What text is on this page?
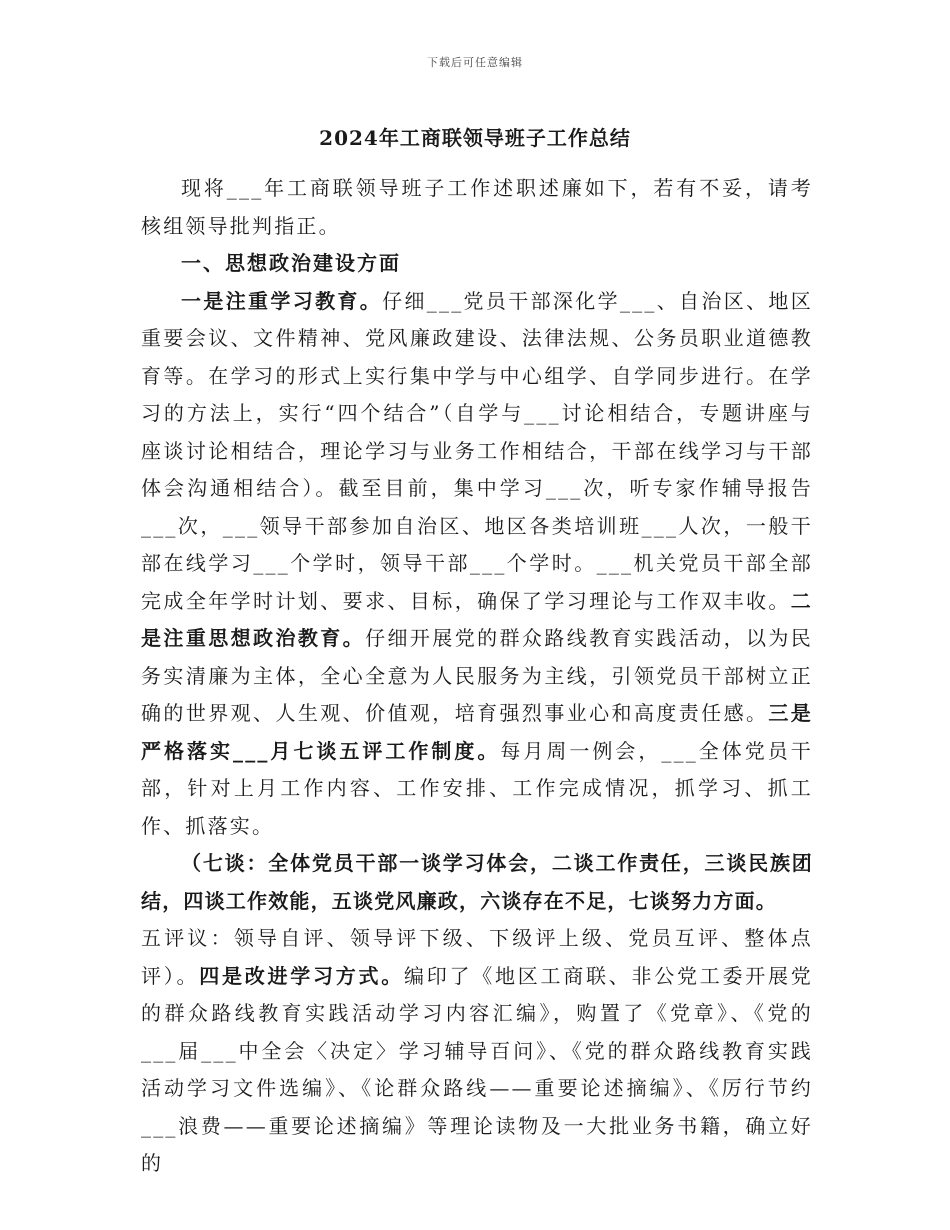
下载后可任意编辑
2024年工商联领导班子工作总结

现将___年工商联领导班子工作述职述廉如下，若有不妥，请考核组领导批判指正。

一、思想政治建设方面

一是注重学习教育。仔细___党员干部深化学___、自治区、地区重要会议、文件精神、党风廉政建设、法律法规、公务员职业道德教育等。在学习的形式上实行集中学与中心组学、自学同步进行。在学习的方法上，实行“四个结合”（自学与___讨论相结合，专题讲座与座谈讨论相结合，理论学习与业务工作相结合，干部在线学习与干部体会沟通相结合）。截至目前，集中学习___次，听专家作辅导报告___次，___领导干部参加自治区、地区各类培训班___人次，一般干部在线学习___个学时，领导干部___个学时。___机关党员干部全部完成全年学时计划、要求、目标，确保了学习理论与工作双丰收。二是注重思想政治教育。仔细开展党的群众路线教育实践活动，以为民务实清廉为主体，全心全意为人民服务为主线，引领党员干部树立正确的世界观、人生观、价值观，培育强烈事业心和高度责任感。三是严格落实___月七谈五评工作制度。每月周一例会，___全体党员干部，针对上月工作内容、工作安排、工作完成情况，抓学习、抓工作、抓落实。

（七谈：全体党员干部一谈学习体会，二谈工作责任，三谈民族团结，四谈工作效能，五谈党风廉政，六谈存在不足，七谈努力方面。

五评议：领导自评、领导评下级、下级评上级、党员互评、整体点评）。四是改进学习方式。编印了《地区工商联、非公党工委开展党的群众路线教育实践活动学习内容汇编》，购置了《党章》、《党的___届___中全会〈决定〉学习辅导百问》、《党的群众路线教育实践活动学习文件选编》、《论群众路线——重要论述摘编》、《厉行节约___浪费——重要论述摘编》等理论读物及一大批业务书籍，确立好的
